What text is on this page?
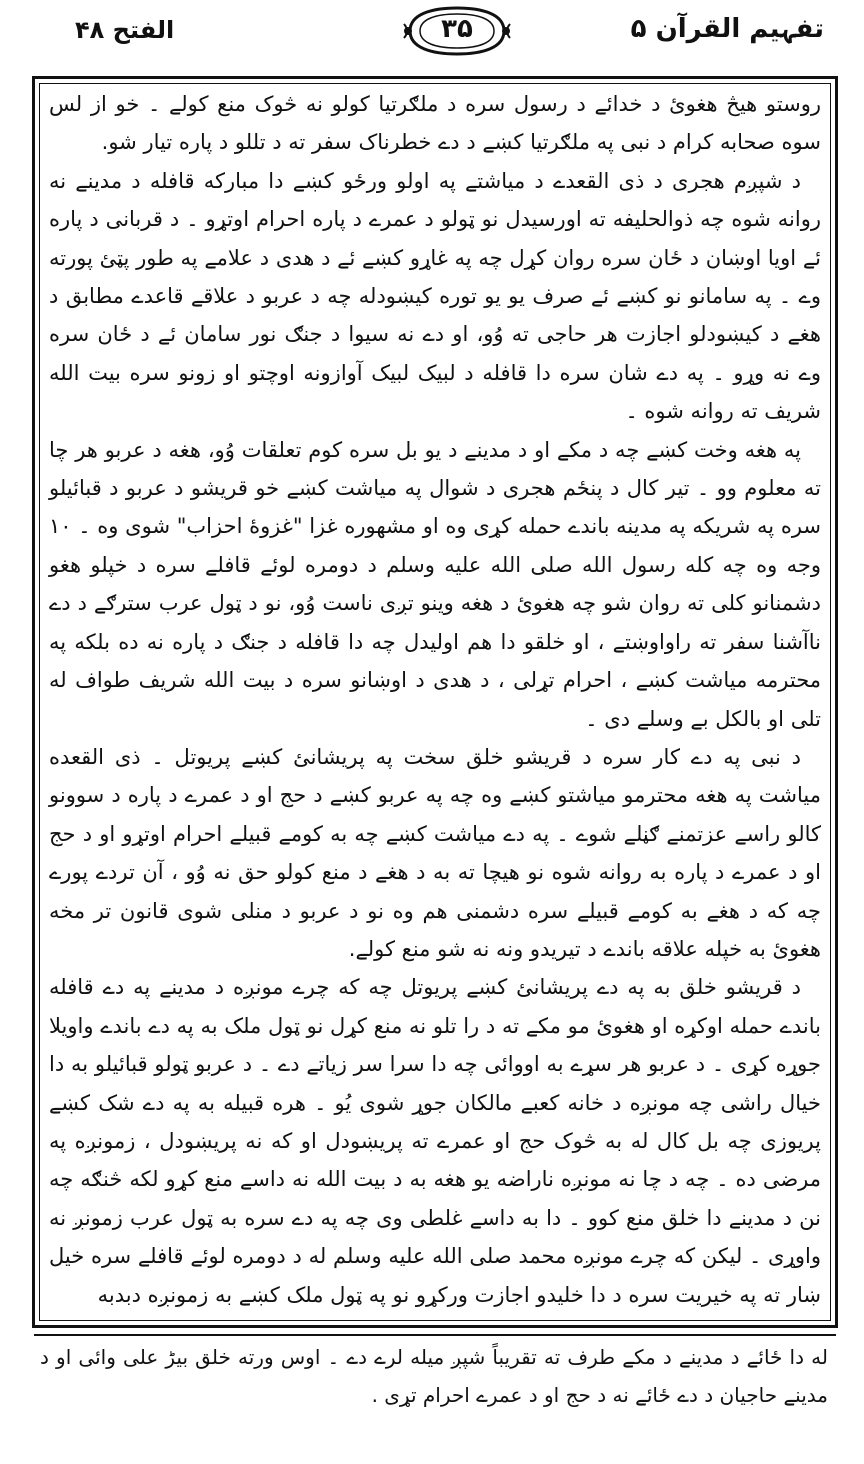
الفتح ۴۸	۳۵	تفہیم القرآن ۵

روستو هیڅ هغوئ د خدائے د رسول سره د ملګرتیا کولو نه څوک منع کولے ۔ خو از لس سوه صحابه کرام د نبی په ملګرتیا کښے د دے خطرناک سفر ته د تللو د پاره تیار شو.

د شپږم هجری د ذی القعدے د میاشتے په اولو ورځو کښے دا مبارکه قافله د مدینے نه روانه شوه چه ذوالحلیفه ته اورسیدل نو ټولو د عمرے د پاره احرام اوتړو ۔ د قربانی د پاره ئے اویا اوښان د ځان سره روان کړل چه په غاړو کښے ئے د هدی د علامے په طور پټئ پورته وے ۔ په سامانو نو کښے ئے صرف یو یو توره کیښودله چه د عربو د علاقے قاعدے مطابق د هغے د کیښودلو اجازت هر حاجی ته وُو، او دے نه سیوا د جنګ نور سامان ئے د ځان سره وے نه وړو ۔ په دے شان سره دا قافله د لبیک لبیک آوازونه اوچتو او زونو سره بیت الله شریف ته روانه شوه ۔

په هغه وخت کښے چه د مکے او د مدینے د یو بل سره کوم تعلقات وُو، هغه د عربو هر چا ته معلوم وو ۔ تیر کال د پنځم هجری د شوال په میاشت کښے خو قریشو د عربو د قبائیلو سره په شریکه په مدینه باندے حمله کړی وه او مشهوره غزا "غزوهٔ احزاب" شوی وه ۔ ۱۰ وجه وه چه کله رسول الله صلی الله علیه وسلم د دومره لوئے قافلے سره د خپلو هغو دشمنانو کلی ته روان شو چه هغوئ د هغه وینو تږی ناست وُو، نو د ټول عرب سترګے د دے ناآشنا سفر ته راواوښتے ، او خلقو دا هم اولیدل چه دا قافله د جنګ د پاره نه ده بلکه په محترمه میاشت کښے ، احرام تړلی ، د هدی د اوښانو سره د بیت الله شریف طواف له تلی او بالکل بے وسلے دی ۔

د نبی په دے کار سره د قریشو خلق سخت په پریشانئ کښے پریوتل ۔ ذی القعده میاشت په هغه محترمو میاشتو کښے وه چه په عربو کښے د حج او د عمرے د پاره د سوونو کالو راسے عزتمنے ګڼلے شوے ۔ په دے میاشت کښے چه به کومے قبیلے احرام اوتړو او د حج او د عمرے د پاره به روانه شوه نو هیچا ته به د هغے د منع کولو حق نه وُو ، آن تردے پورے چه که د هغے به کومے قبیلے سره دشمنی هم وه نو د عربو د منلی شوی قانون تر مخه هغوئ به خپله علاقه باندے د تیریدو ونه نه شو منع کولے.

د قریشو خلق به په دے پریشانئ کښے پریوتل چه که چرے مونږه د مدینے په دے قافله باندے حمله اوکړه او هغوئ مو مکے ته د را تلو نه منع کړل نو ټول ملک به په دے باندے واویلا جوړه کړی ۔ د عربو هر سړے به اووائی چه دا سرا سر زیاتے دے ۔ د عربو ټولو قبائیلو به دا خیال راشی چه مونږه د خانه کعبے مالکان جوړ شوی یُو ۔ هره قبیله به په دے شک کښے پریوزی چه بل کال له به څوک حج او عمرے ته پریښودل او که نه پریښودل ، زمونږه په مرضی ده ۔ چه د چا نه مونږه ناراضه یو هغه به د بیت الله نه داسے منع کړو لکه څنګه چه نن د مدینے دا خلق منع کوو ۔ دا به داسے غلطی وی چه په دے سره به ټول عرب زمونږ نه واوړی ۔ لیکن که چرے مونږه محمد صلی الله علیه وسلم له د دومره لوئے قافلے سره خیل ښار ته په خیریت سره د دا خلیدو اجازت ورکړو نو په ټول ملک کښے به زمونږه دبدبه

له دا ځائے د مدینے د مکے طرف ته تقریباً شپږ میله لرے دے ۔ اوس ورته خلق بیڑ علی وائی او د مدینے حاجیان د دے ځائے نه د حج او د عمرے احرام تړی .
